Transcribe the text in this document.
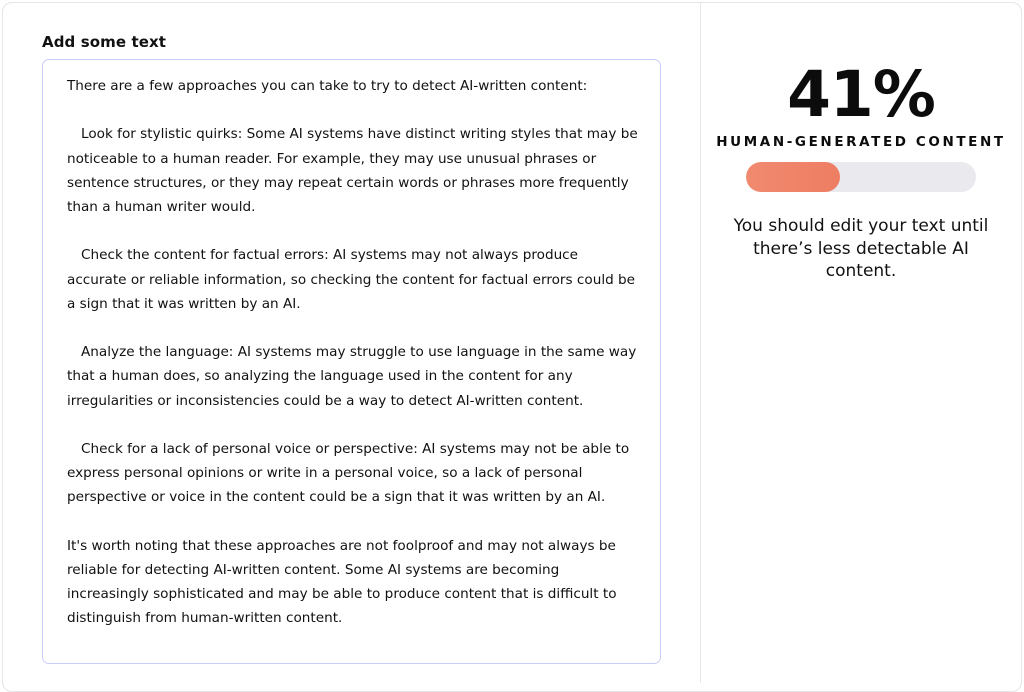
Add some text

There are a few approaches you can take to try to detect AI-written content:

Look for stylistic quirks: Some AI systems have distinct writing styles that may be noticeable to a human reader. For example, they may use unusual phrases or sentence structures, or they may repeat certain words or phrases more frequently than a human writer would.

Check the content for factual errors: AI systems may not always produce accurate or reliable information, so checking the content for factual errors could be a sign that it was written by an AI.

Analyze the language: AI systems may struggle to use language in the same way that a human does, so analyzing the language used in the content for any irregularities or inconsistencies could be a way to detect AI-written content.

Check for a lack of personal voice or perspective: AI systems may not be able to express personal opinions or write in a personal voice, so a lack of personal perspective or voice in the content could be a sign that it was written by an AI.

It's worth noting that these approaches are not foolproof and may not always be reliable for detecting AI-written content. Some AI systems are becoming increasingly sophisticated and may be able to produce content that is difficult to distinguish from human-written content.

41%
HUMAN-GENERATED CONTENT
You should edit your text until there’s less detectable AI content.
